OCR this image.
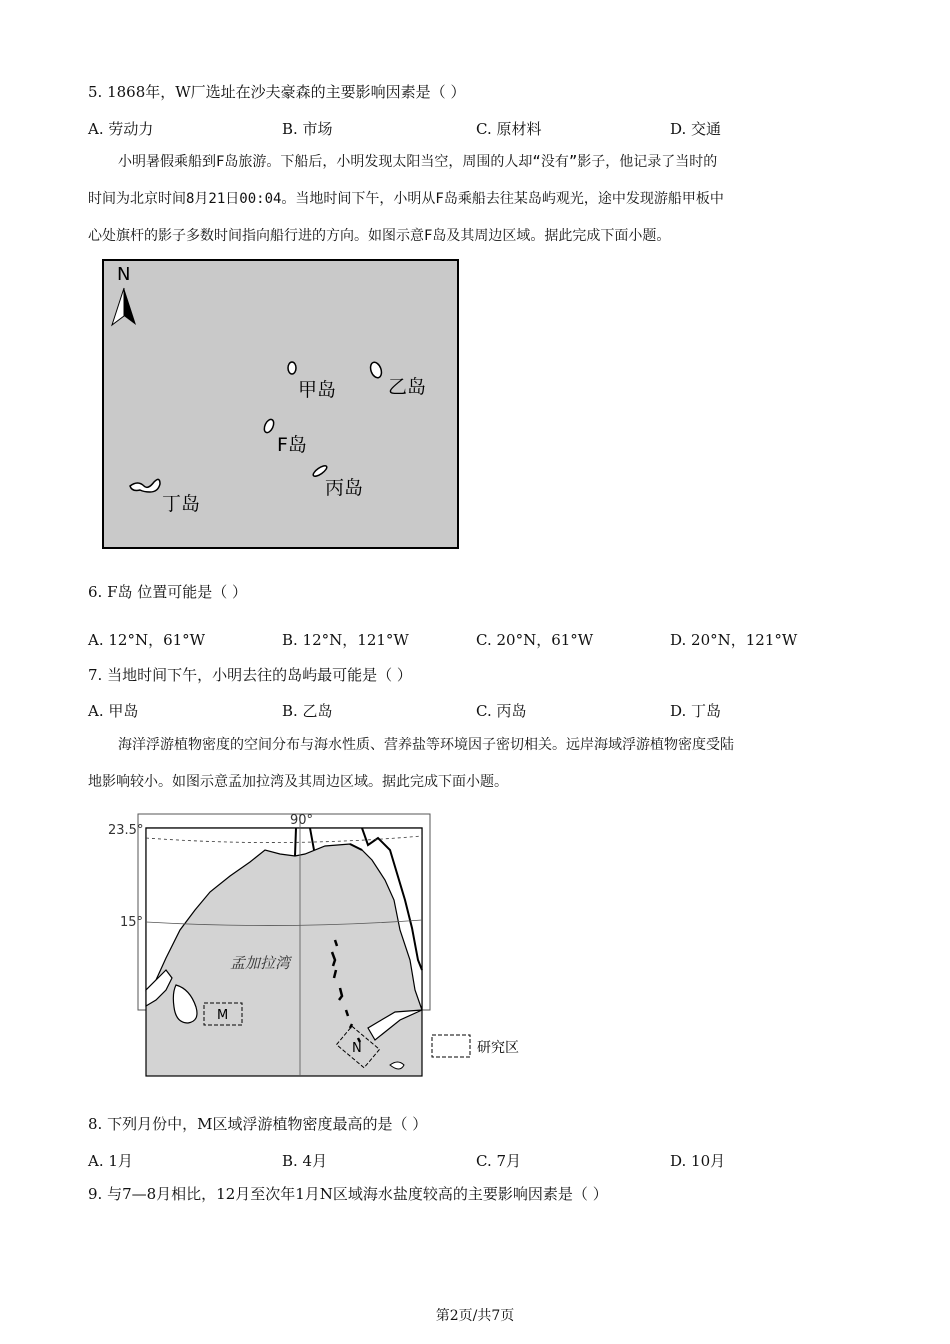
5. 1868年，W厂选址在沙夫豪森的主要影响因素是（ ）
A. 劳动力	B. 市场	C. 原材料	D. 交通
小明暑假乘船到F岛旅游。下船后，小明发现太阳当空，周围的人却“没有”影子，他记录了当时的
时间为北京时间8月21日00:04。当地时间下午，小明从F岛乘船去往某岛屿观光，途中发现游船甲板中
心处旗杆的影子多数时间指向船行进的方向。如图示意F岛及其周边区域。据此完成下面小题。
N
甲岛	乙岛
F岛
丙岛
丁岛
6. F岛 位置可能是（ ）
A. 12°N，61°W	B. 12°N，121°W	C. 20°N，61°W	D. 20°N，121°W
7. 当地时间下午，小明去往的岛屿最可能是（ ）
A. 甲岛	B. 乙岛	C. 丙岛	D. 丁岛
海洋浮游植物密度的空间分布与海水性质、营养盐等环境因子密切相关。远岸海域浮游植物密度受陆
地影响较小。如图示意孟加拉湾及其周边区域。据此完成下面小题。
23.5°
15°
90°
孟加拉湾
M
N	研究区
8. 下列月份中，M区域浮游植物密度最高的是（ ）
A. 1月	B. 4月	C. 7月	D. 10月
9. 与7—8月相比，12月至次年1月N区域海水盐度较高的主要影响因素是（ ）
第2页/共7页
